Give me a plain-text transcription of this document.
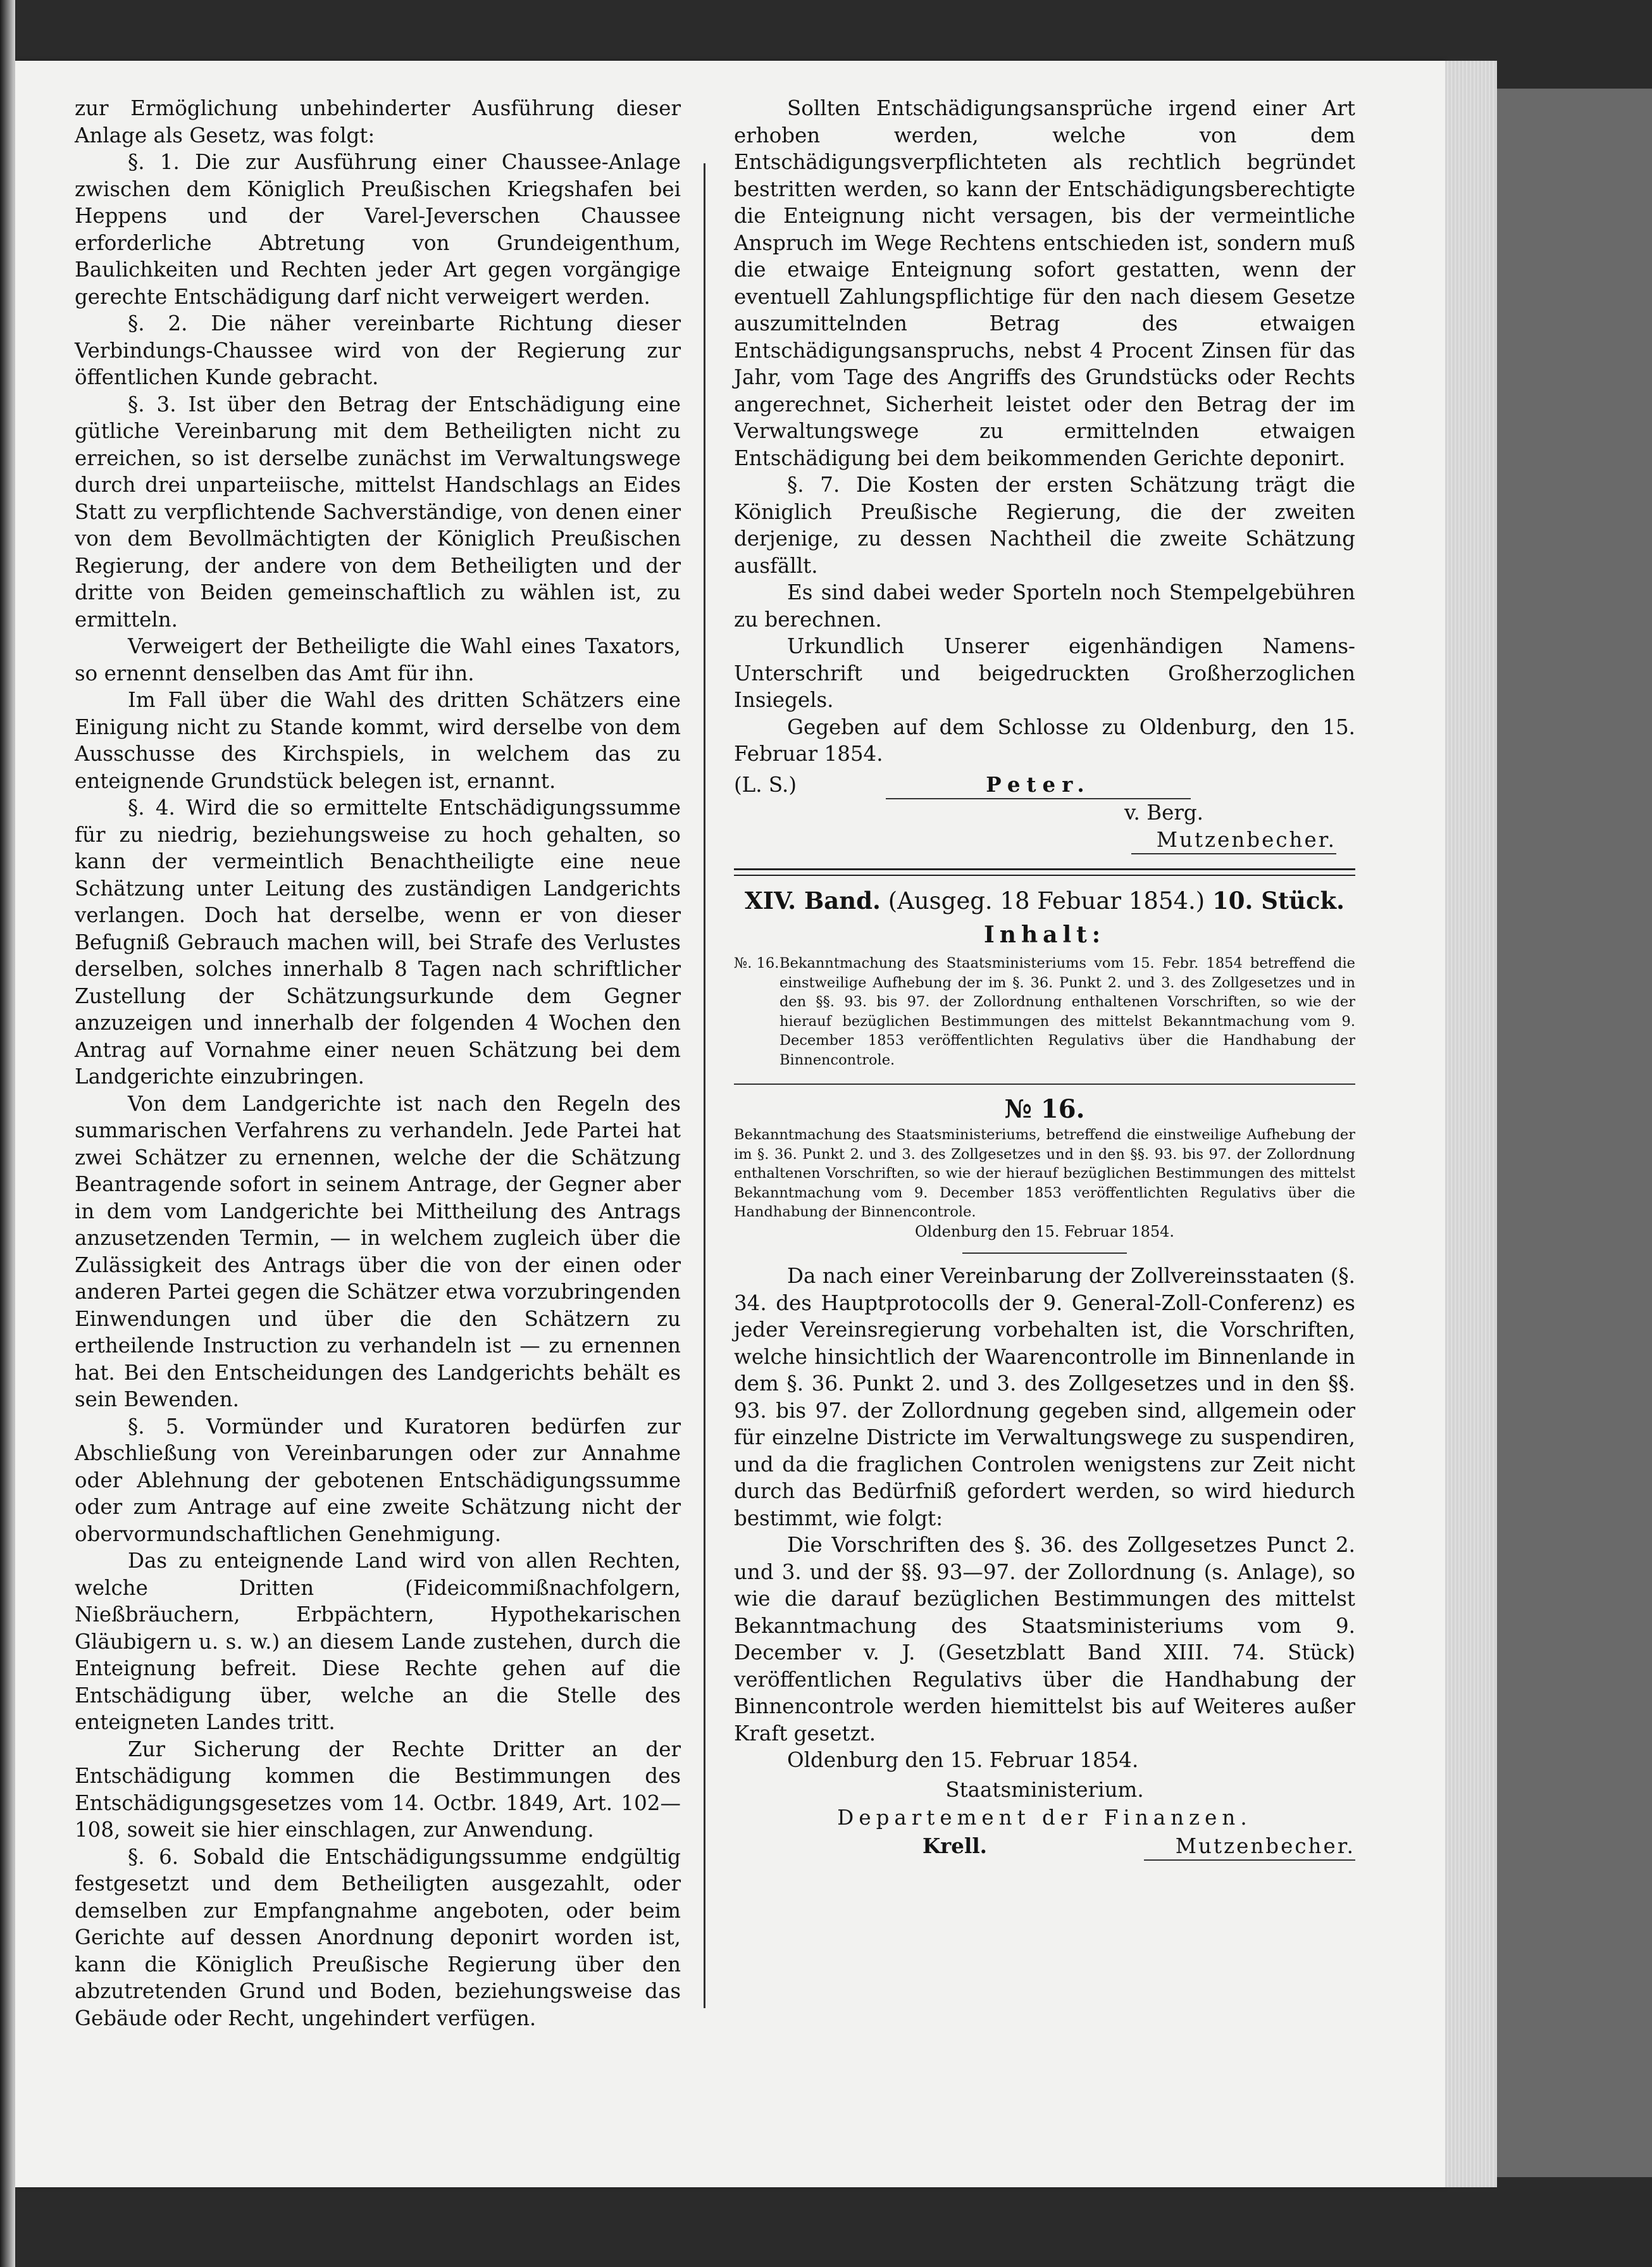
zur Ermöglichung unbehinderter Ausführung dieser Anlage als Gesetz, was folgt:

§. 1. Die zur Ausführung einer Chaussee-Anlage zwischen dem Königlich Preußischen Kriegshafen bei Heppens und der Varel-Jeverschen Chaussee erforderliche Abtretung von Grundeigenthum, Baulichkeiten und Rechten jeder Art gegen vorgängige gerechte Entschädigung darf nicht verweigert werden.

§. 2. Die näher vereinbarte Richtung dieser Verbindungs-Chaussee wird von der Regierung zur öffentlichen Kunde gebracht.

§. 3. Ist über den Betrag der Entschädigung eine gütliche Vereinbarung mit dem Betheiligten nicht zu erreichen, so ist derselbe zunächst im Verwaltungswege durch drei unparteiische, mittelst Handschlags an Eides Statt zu verpflichtende Sachverständige, von denen einer von dem Bevollmächtigten der Königlich Preußischen Regierung, der andere von dem Betheiligten und der dritte von Beiden gemeinschaftlich zu wählen ist, zu ermitteln.

Verweigert der Betheiligte die Wahl eines Taxators, so ernennt denselben das Amt für ihn.

Im Fall über die Wahl des dritten Schätzers eine Einigung nicht zu Stande kommt, wird derselbe von dem Ausschusse des Kirchspiels, in welchem das zu enteignende Grundstück belegen ist, ernannt.

§. 4. Wird die so ermittelte Entschädigungssumme für zu niedrig, beziehungsweise zu hoch gehalten, so kann der vermeintlich Benachtheiligte eine neue Schätzung unter Leitung des zuständigen Landgerichts verlangen. Doch hat derselbe, wenn er von dieser Befugniß Gebrauch machen will, bei Strafe des Verlustes derselben, solches innerhalb 8 Tagen nach schriftlicher Zustellung der Schätzungsurkunde dem Gegner anzuzeigen und innerhalb der folgenden 4 Wochen den Antrag auf Vornahme einer neuen Schätzung bei dem Landgerichte einzubringen.

Von dem Landgerichte ist nach den Regeln des summarischen Verfahrens zu verhandeln. Jede Partei hat zwei Schätzer zu ernennen, welche der die Schätzung Beantragende sofort in seinem Antrage, der Gegner aber in dem vom Landgerichte bei Mittheilung des Antrags anzusetzenden Termin, — in welchem zugleich über die Zulässigkeit des Antrags über die von der einen oder anderen Partei gegen die Schätzer etwa vorzubringenden Einwendungen und über die den Schätzern zu ertheilende Instruction zu verhandeln ist — zu ernennen hat. Bei den Entscheidungen des Landgerichts behält es sein Bewenden.

§. 5. Vormünder und Kuratoren bedürfen zur Abschließung von Vereinbarungen oder zur Annahme oder Ablehnung der gebotenen Entschädigungssumme oder zum Antrage auf eine zweite Schätzung nicht der obervormundschaftlichen Genehmigung.

Das zu enteignende Land wird von allen Rechten, welche Dritten (Fideicommißnachfolgern, Nießbräuchern, Erbpächtern, Hypothekarischen Gläubigern u. s. w.) an diesem Lande zustehen, durch die Enteignung befreit. Diese Rechte gehen auf die Entschädigung über, welche an die Stelle des enteigneten Landes tritt.

Zur Sicherung der Rechte Dritter an der Entschädigung kommen die Bestimmungen des Entschädigungsgesetzes vom 14. Octbr. 1849, Art. 102—108, soweit sie hier einschlagen, zur Anwendung.

§. 6. Sobald die Entschädigungssumme endgültig festgesetzt und dem Betheiligten ausgezahlt, oder demselben zur Empfangnahme angeboten, oder beim Gerichte auf dessen Anordnung deponirt worden ist, kann die Königlich Preußische Regierung über den abzutretenden Grund und Boden, beziehungsweise das Gebäude oder Recht, ungehindert verfügen.

Sollten Entschädigungsansprüche irgend einer Art erhoben werden, welche von dem Entschädigungsverpflichteten als rechtlich begründet bestritten werden, so kann der Entschädigungsberechtigte die Enteignung nicht versagen, bis der vermeintliche Anspruch im Wege Rechtens entschieden ist, sondern muß die etwaige Enteignung sofort gestatten, wenn der eventuell Zahlungspflichtige für den nach diesem Gesetze auszumittelnden Betrag des etwaigen Entschädigungsanspruchs, nebst 4 Procent Zinsen für das Jahr, vom Tage des Angriffs des Grundstücks oder Rechts angerechnet, Sicherheit leistet oder den Betrag der im Verwaltungswege zu ermittelnden etwaigen Entschädigung bei dem beikommenden Gerichte deponirt.

§. 7. Die Kosten der ersten Schätzung trägt die Königlich Preußische Regierung, die der zweiten derjenige, zu dessen Nachtheil die zweite Schätzung ausfällt.

Es sind dabei weder Sporteln noch Stempelgebühren zu berechnen.

Urkundlich Unserer eigenhändigen Namens-Unterschrift und beigedruckten Großherzoglichen Insiegels.

Gegeben auf dem Schlosse zu Oldenburg, den 15. Februar 1854.

(L. S.)	Peter.
v. Berg.
Mutzenbecher.
XIV. Band. (Ausgeg. 18 Febuar 1854.) 10. Stück.
Inhalt:
№. 16. Bekanntmachung des Staatsministeriums vom 15. Febr. 1854 betreffend die einstweilige Aufhebung der im §. 36. Punkt 2. und 3. des Zollgesetzes und in den §§. 93. bis 97. der Zollordnung enthaltenen Vorschriften, so wie der hierauf bezüglichen Bestimmungen des mittelst Bekanntmachung vom 9. December 1853 veröffentlichten Regulativs über die Handhabung der Binnencontrole.
№ 16.
Bekanntmachung des Staatsministeriums, betreffend die einstweilige Aufhebung der im §. 36. Punkt 2. und 3. des Zollgesetzes und in den §§. 93. bis 97. der Zollordnung enthaltenen Vorschriften, so wie der hierauf bezüglichen Bestimmungen des mittelst Bekanntmachung vom 9. December 1853 veröffentlichten Regulativs über die Handhabung der Binnencontrole.
Oldenburg den 15. Februar 1854.

Da nach einer Vereinbarung der Zollvereinsstaaten (§. 34. des Hauptprotocolls der 9. General-Zoll-Conferenz) es jeder Vereinsregierung vorbehalten ist, die Vorschriften, welche hinsichtlich der Waarencontrolle im Binnenlande in dem §. 36. Punkt 2. und 3. des Zollgesetzes und in den §§. 93. bis 97. der Zollordnung gegeben sind, allgemein oder für einzelne Districte im Verwaltungswege zu suspendiren, und da die fraglichen Controlen wenigstens zur Zeit nicht durch das Bedürfniß gefordert werden, so wird hiedurch bestimmt, wie folgt:

Die Vorschriften des §. 36. des Zollgesetzes Punct 2. und 3. und der §§. 93—97. der Zollordnung (s. Anlage), so wie die darauf bezüglichen Bestimmungen des mittelst Bekanntmachung des Staatsministeriums vom 9. December v. J. (Gesetzblatt Band XIII. 74. Stück) veröffentlichen Regulativs über die Handhabung der Binnencontrole werden hiemittelst bis auf Weiteres außer Kraft gesetzt.

Oldenburg den 15. Februar 1854.

Staatsministerium.
Departement der Finanzen.
Krell.	Mutzenbecher.
